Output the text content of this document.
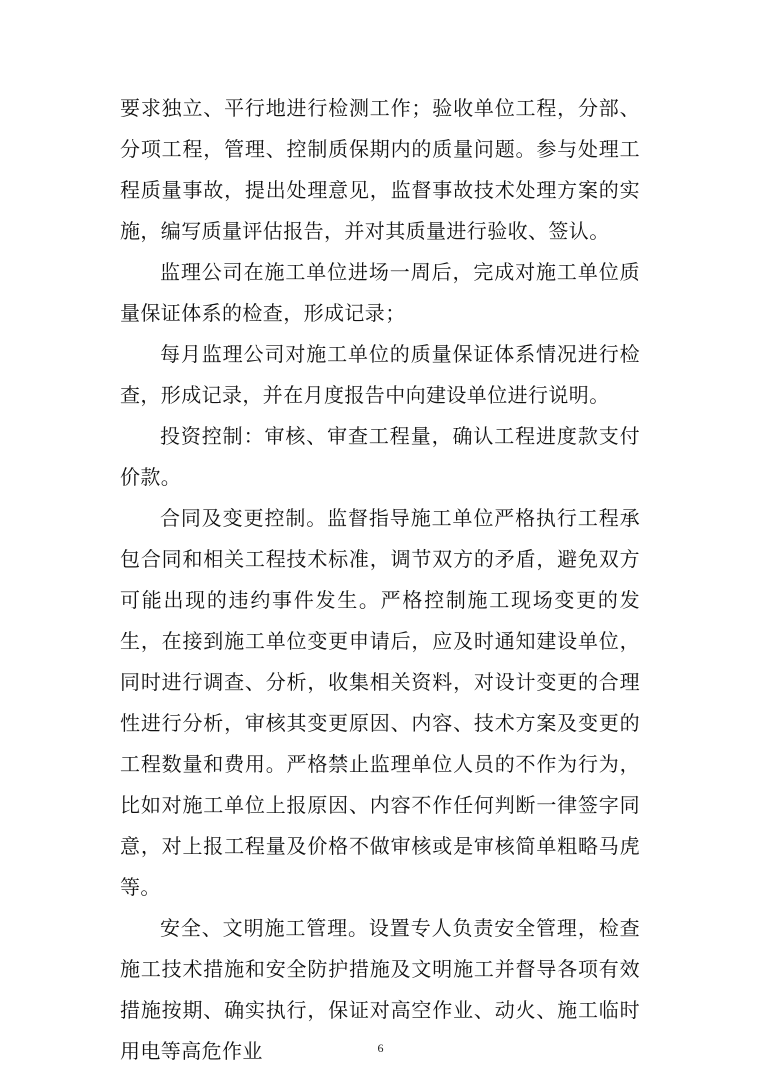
要求独立、平行地进行检测工作；验收单位工程，分部、分项工程，管理、控制质保期内的质量问题。参与处理工程质量事故，提出处理意见，监督事故技术处理方案的实施，编写质量评估报告，并对其质量进行验收、签认。

监理公司在施工单位进场一周后，完成对施工单位质量保证体系的检查，形成记录；

每月监理公司对施工单位的质量保证体系情况进行检查，形成记录，并在月度报告中向建设单位进行说明。

投资控制：审核、审查工程量，确认工程进度款支付价款。

合同及变更控制。监督指导施工单位严格执行工程承包合同和相关工程技术标准，调节双方的矛盾，避免双方可能出现的违约事件发生。严格控制施工现场变更的发生，在接到施工单位变更申请后，应及时通知建设单位，同时进行调查、分析，收集相关资料，对设计变更的合理性进行分析，审核其变更原因、内容、技术方案及变更的工程数量和费用。严格禁止监理单位人员的不作为行为，比如对施工单位上报原因、内容不作任何判断一律签字同意，对上报工程量及价格不做审核或是审核简单粗略马虎等。

安全、文明施工管理。设置专人负责安全管理，检查施工技术措施和安全防护措施及文明施工并督导各项有效措施按期、确实执行，保证对高空作业、动火、施工临时用电等高危作业	6
